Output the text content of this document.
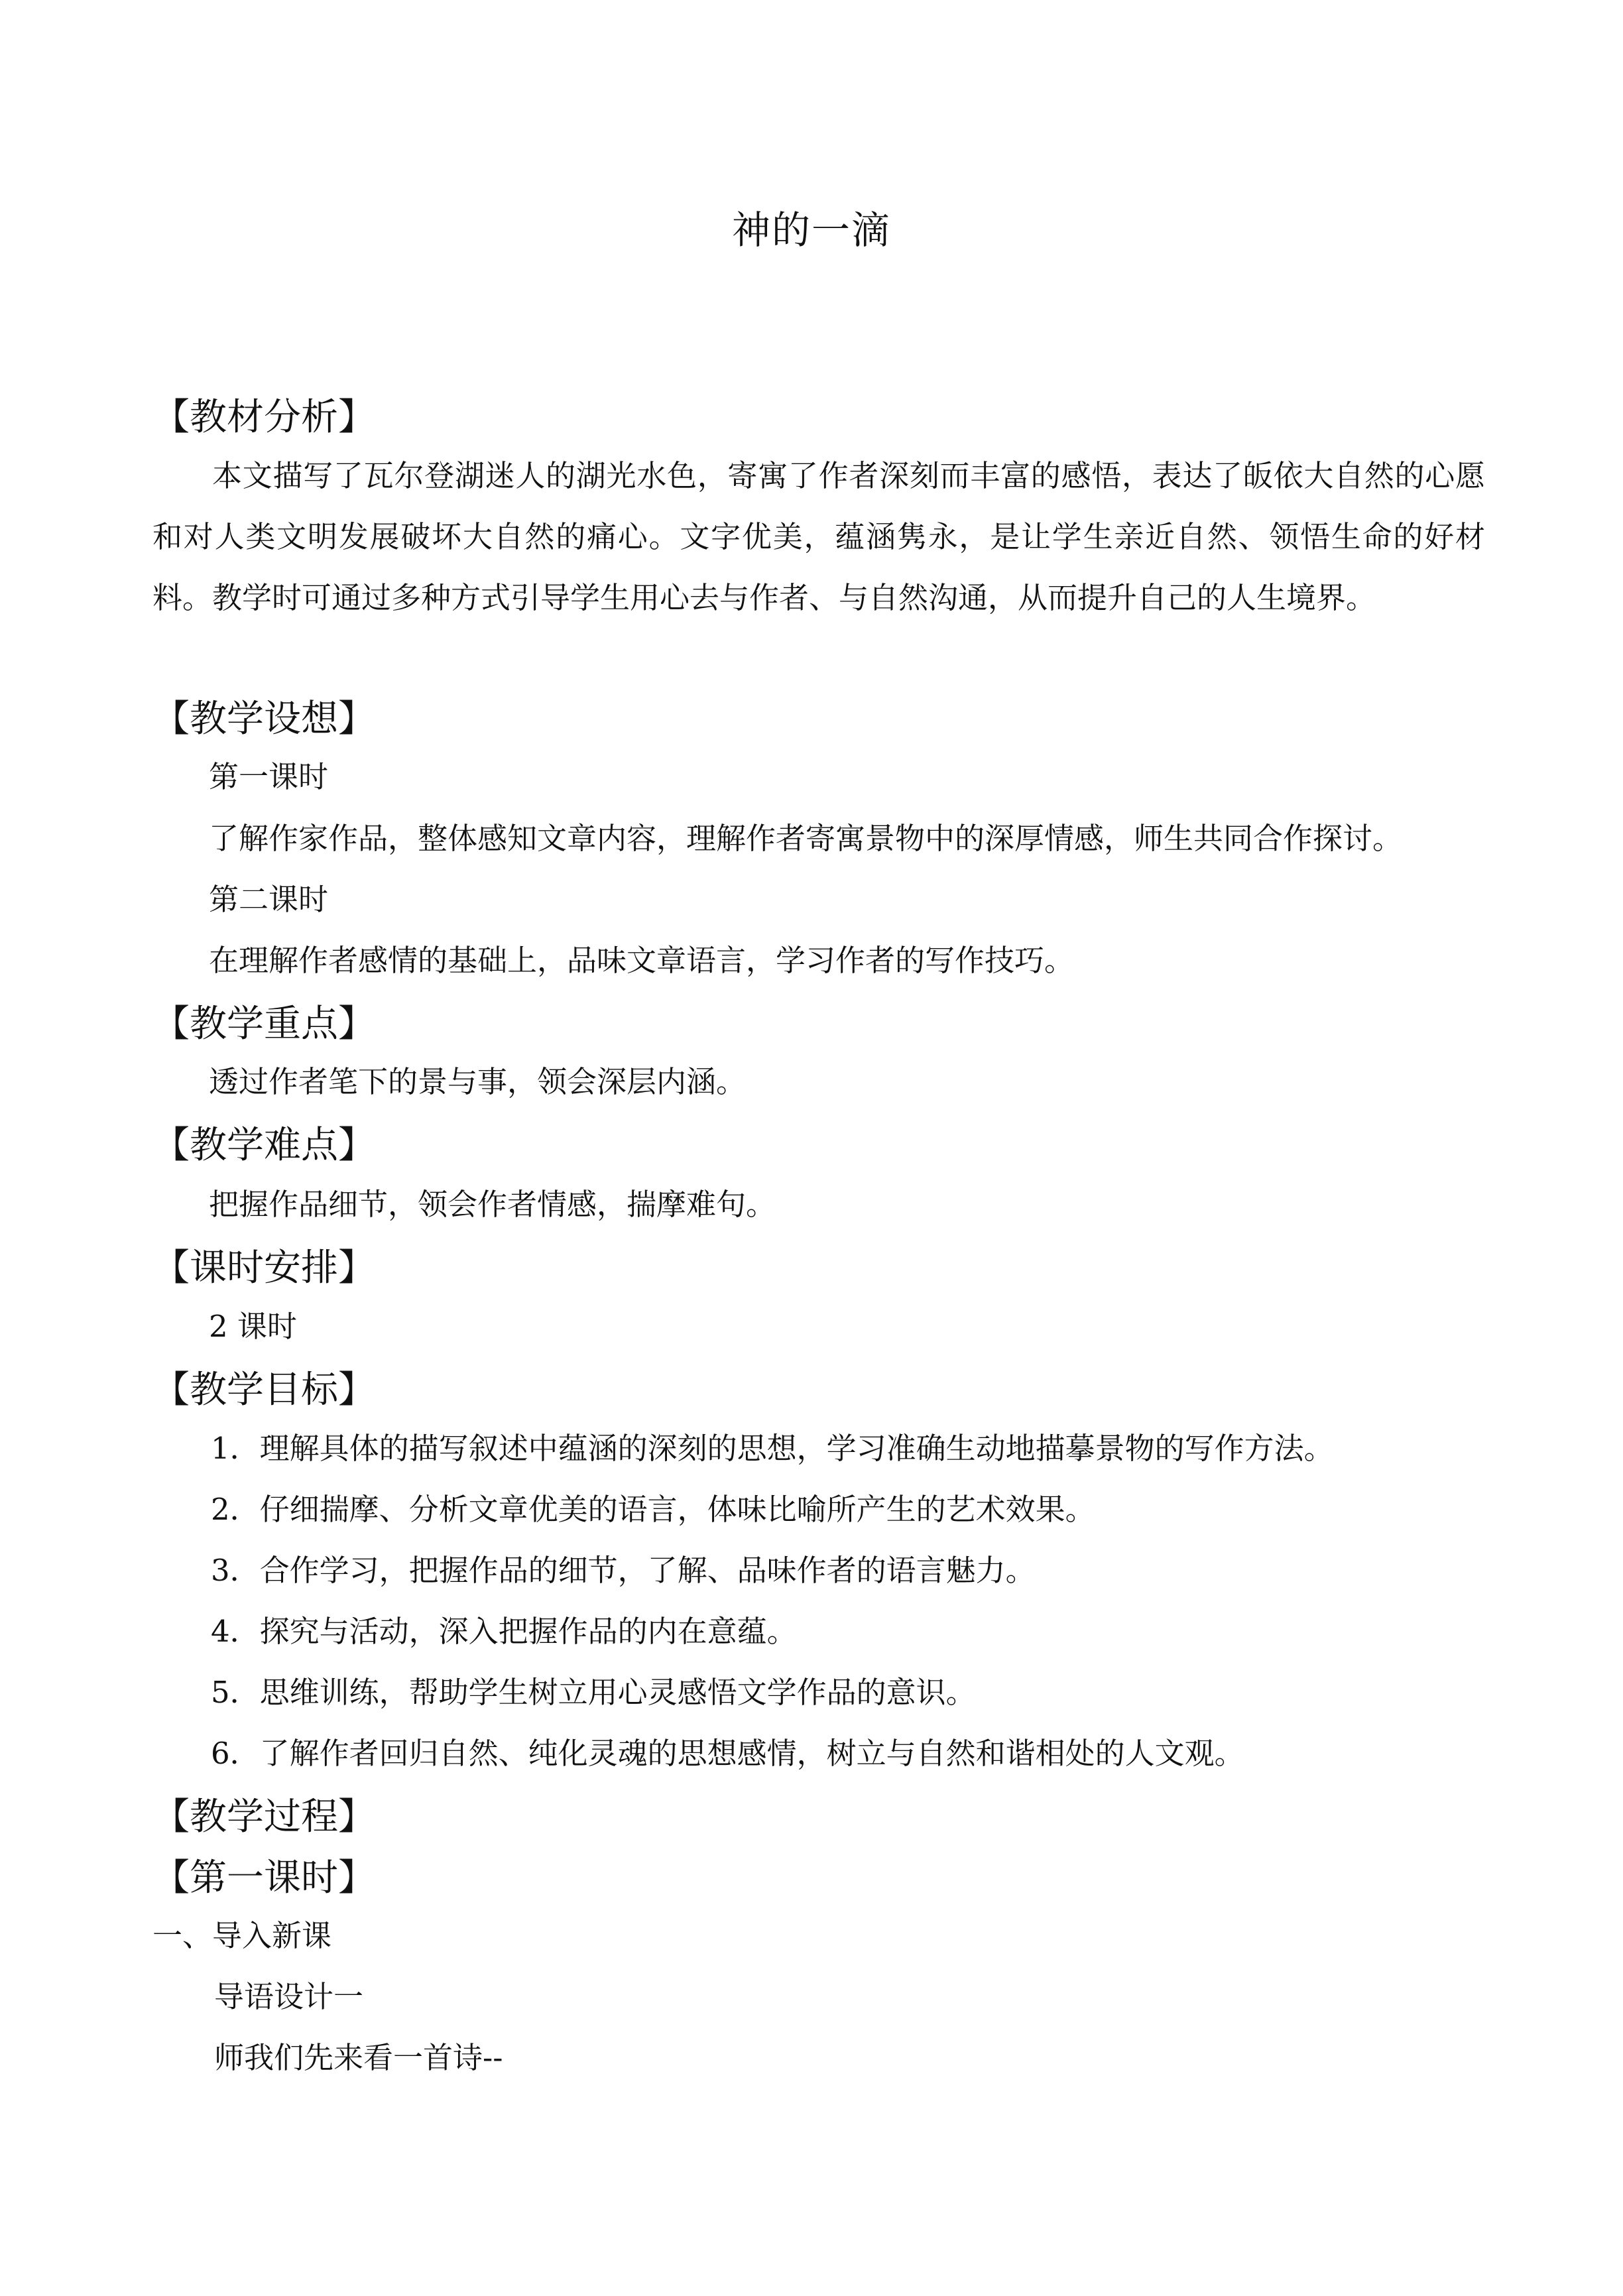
神的一滴
【教材分析】
本文描写了瓦尔登湖迷人的湖光水色，寄寓了作者深刻而丰富的感悟，表达了皈依大自然的心愿和对人类文明发展破坏大自然的痛心。文字优美，蕴涵隽永，是让学生亲近自然、领悟生命的好材料。教学时可通过多种方式引导学生用心去与作者、与自然沟通，从而提升自己的人生境界。
【教学设想】
第一课时
了解作家作品，整体感知文章内容，理解作者寄寓景物中的深厚情感，师生共同合作探讨。
第二课时
在理解作者感情的基础上，品味文章语言，学习作者的写作技巧。
【教学重点】
透过作者笔下的景与事，领会深层内涵。
【教学难点】
把握作品细节，领会作者情感，揣摩难句。
【课时安排】
2 课时
【教学目标】
1．理解具体的描写叙述中蕴涵的深刻的思想，学习准确生动地描摹景物的写作方法。
2．仔细揣摩、分析文章优美的语言，体味比喻所产生的艺术效果。
3．合作学习，把握作品的细节，了解、品味作者的语言魅力。
4．探究与活动，深入把握作品的内在意蕴。
5．思维训练，帮助学生树立用心灵感悟文学作品的意识。
6．了解作者回归自然、纯化灵魂的思想感情，树立与自然和谐相处的人文观。
【教学过程】
【第一课时】
一、导入新课
导语设计一
师我们先来看一首诗--
